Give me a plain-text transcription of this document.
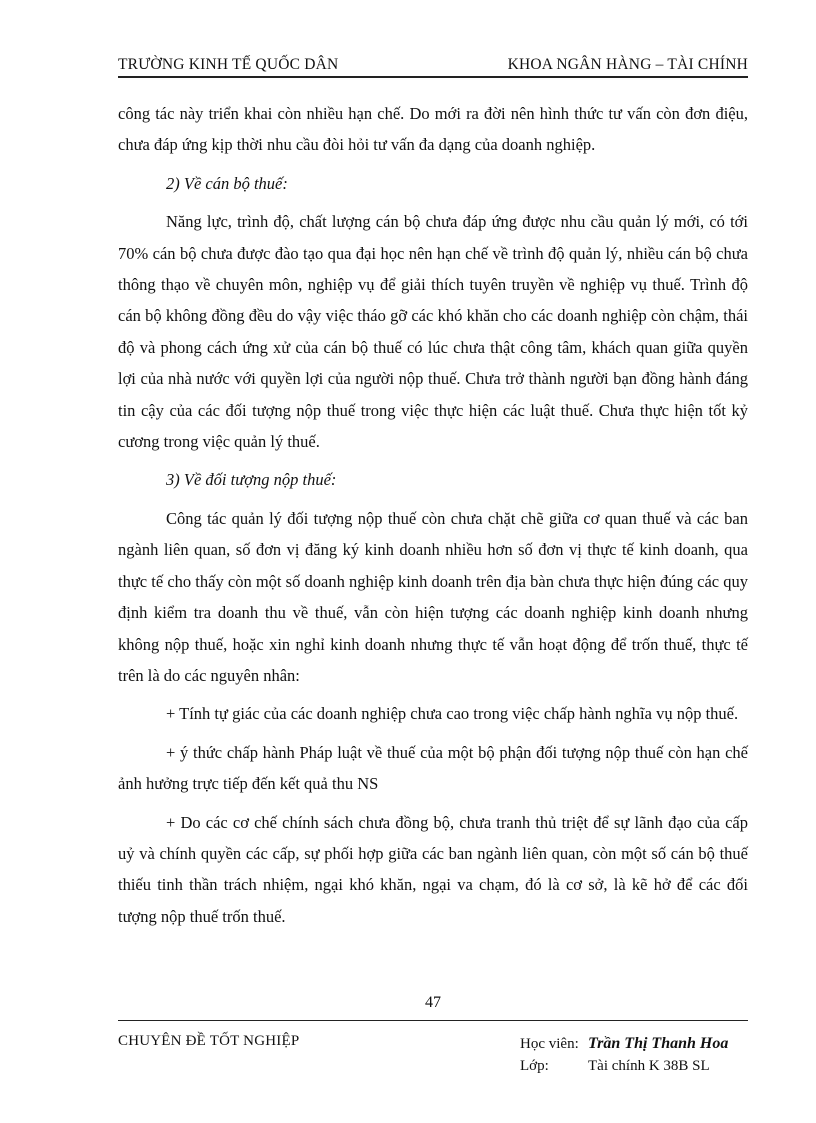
TRƯỜNG KINH TẾ QUỐC DÂN	KHOA NGÂN HÀNG – TÀI CHÍNH

công tác này triển khai còn nhiều hạn chế. Do mới ra đời nên hình thức tư vấn còn đơn điệu, chưa đáp ứng kịp thời nhu cầu đòi hỏi tư vấn đa dạng của doanh nghiệp.

2) Về cán bộ thuế:

Năng lực, trình độ, chất lượng cán bộ chưa đáp ứng được nhu cầu quản lý mới, có tới 70% cán bộ chưa được đào tạo qua đại học nên hạn chế về trình độ quản lý, nhiều cán bộ chưa thông thạo về chuyên môn, nghiệp vụ để giải thích tuyên truyền về nghiệp vụ thuế. Trình độ cán bộ không đồng đều do vậy việc tháo gỡ các khó khăn cho các doanh nghiệp còn chậm, thái độ và phong cách ứng xử của cán bộ thuế có lúc chưa thật công tâm, khách quan giữa quyền lợi của nhà nước với quyền lợi của người nộp thuế. Chưa trở thành người bạn đồng hành đáng tin cậy của các đối tượng nộp thuế trong việc thực hiện các luật thuế. Chưa thực hiện tốt kỷ cương trong việc quản lý thuế.

3) Về đối tượng nộp thuế:

Công tác quản lý đối tượng nộp thuế còn chưa chặt chẽ giữa cơ quan thuế và các ban ngành liên quan, số đơn vị đăng ký kinh doanh nhiều hơn số đơn vị thực tế kinh doanh, qua thực tế cho thấy còn một số doanh nghiệp kinh doanh trên địa bàn chưa thực hiện đúng các quy định kiểm tra doanh thu về thuế, vẫn còn hiện tượng các doanh nghiệp kinh doanh nhưng không nộp thuế, hoặc xin nghỉ kinh doanh nhưng thực tế vẫn hoạt động để trốn thuế, thực tế trên là do các nguyên nhân:

+ Tính tự giác của các doanh nghiệp chưa cao trong việc chấp hành nghĩa vụ nộp thuế.

+ ý thức chấp hành Pháp luật về thuế của một bộ phận đối tượng nộp thuế còn hạn chế ảnh hưởng trực tiếp đến kết quả thu NS

+ Do các cơ chế chính sách chưa đồng bộ, chưa tranh thủ triệt để sự lãnh đạo của cấp uỷ và chính quyền các cấp, sự phối hợp giữa các ban ngành liên quan, còn một số cán bộ thuế thiếu tinh thần trách nhiệm, ngại khó khăn, ngại va chạm, đó là cơ sở, là kẽ hở để các đối tượng nộp thuế trốn thuế.

47
CHUYÊN ĐỀ TỐT NGHIỆP	Học viên: Trần Thị Thanh Hoa
Lớp:	Tài chính K 38B SL
